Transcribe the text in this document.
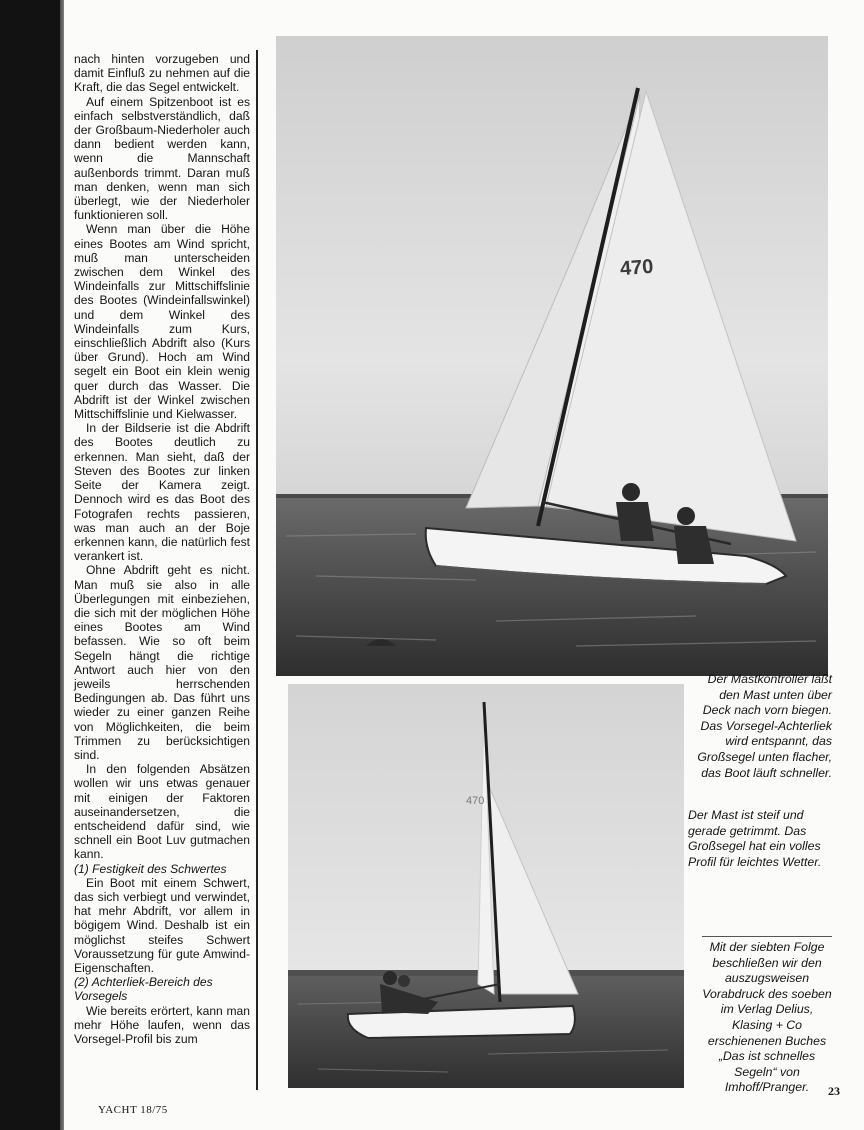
nach hinten vorzugeben und damit Einfluß zu nehmen auf die Kraft, die das Segel entwickelt.

Auf einem Spitzenboot ist es einfach selbstverständlich, daß der Großbaum-Niederholer auch dann bedient werden kann, wenn die Mannschaft außenbords trimmt. Daran muß man denken, wenn man sich überlegt, wie der Niederholer funktionieren soll.

Wenn man über die Höhe eines Bootes am Wind spricht, muß man unterscheiden zwischen dem Winkel des Windeinfalls zur Mittschiffslinie des Bootes (Windeinfallswinkel) und dem Winkel des Windeinfalls zum Kurs, einschließlich Abdrift also (Kurs über Grund). Hoch am Wind segelt ein Boot ein klein wenig quer durch das Wasser. Die Abdrift ist der Winkel zwischen Mittschiffslinie und Kielwasser.

In der Bildserie ist die Abdrift des Bootes deutlich zu erkennen. Man sieht, daß der Steven des Bootes zur linken Seite der Kamera zeigt. Dennoch wird es das Boot des Fotografen rechts passieren, was man auch an der Boje erkennen kann, die natürlich fest verankert ist.

Ohne Abdrift geht es nicht. Man muß sie also in alle Überlegungen mit einbeziehen, die sich mit der möglichen Höhe eines Bootes am Wind befassen. Wie so oft beim Segeln hängt die richtige Antwort auch hier von den jeweils herrschenden Bedingungen ab. Das führt uns wieder zu einer ganzen Reihe von Möglichkeiten, die beim Trimmen zu berücksichtigen sind.

In den folgenden Absätzen wollen wir uns etwas genauer mit einigen der Faktoren auseinandersetzen, die entscheidend dafür sind, wie schnell ein Boot Luv gutmachen kann.

(1) Festigkeit des Schwertes

Ein Boot mit einem Schwert, das sich verbiegt und verwindet, hat mehr Abdrift, vor allem in bögigem Wind. Deshalb ist ein möglichst steifes Schwert Voraussetzung für gute Amwind-Eigenschaften.

(2) Achterliek-Bereich des Vorsegels

Wie bereits erörtert, kann man mehr Höhe laufen, wenn das Vorsegel-Profil bis zum

470
470
Der Mastkontroller läßt den Mast unten über Deck nach vorn biegen. Das Vorsegel-Achterliek wird entspannt, das Großsegel unten flacher, das Boot läuft schneller.
Der Mast ist steif und gerade getrimmt. Das Großsegel hat ein volles Profil für leichtes Wetter.
Mit der siebten Folge beschließen wir den auszugsweisen Vorabdruck des soeben im Verlag Delius, Klasing + Co erschienenen Buches „Das ist schnelles Segeln“ von Imhoff/Pranger.
YACHT 18/75
23
